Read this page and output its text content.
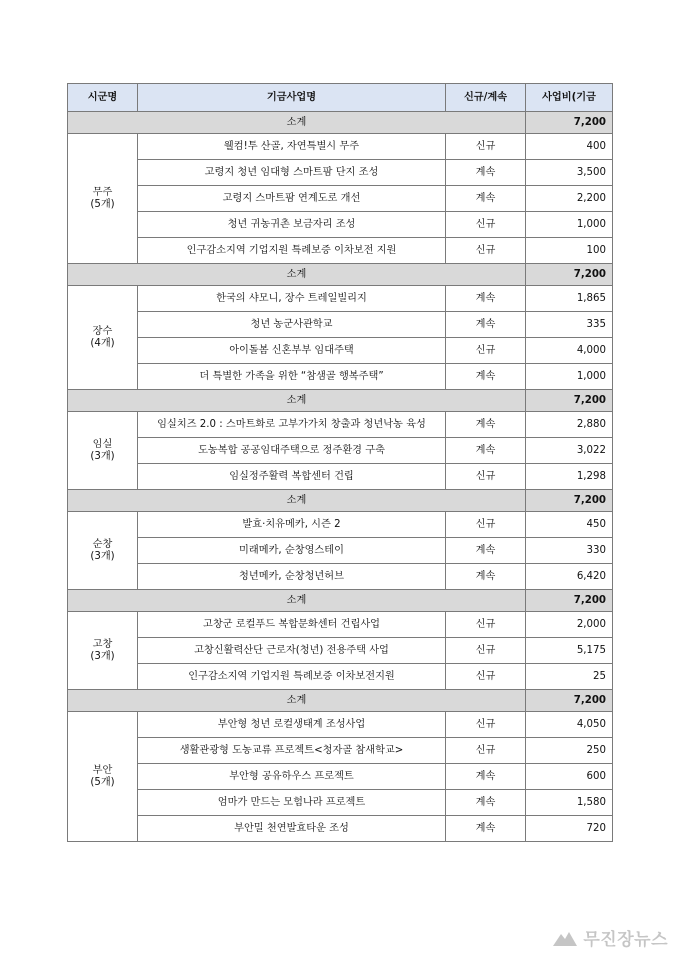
시군명	기금사업명	신규/계속	사업비(기금
소계			7,200

무주
(5개)	웰컴!투 산골, 자연특별시 무주	신규	400
	고령지 청년 임대형 스마트팜 단지 조성	계속	3,500
	고령지 스마트팜 연계도로 개선	계속	2,200
	청년 귀농귀촌 보금자리 조성	신규	1,000
	인구감소지역 기업지원 특례보증 이차보전 지원	신규	100
소계			7,200

장수
(4개)	한국의 샤모니, 장수 트레일빌리지	계속	1,865
	청년 농군사관학교	계속	335
	아이돌봄 신혼부부 임대주택	신규	4,000
	더 특별한 가족을 위한 “참샘골 행복주택”	계속	1,000
소계			7,200

임실
(3개)	임실치즈 2.0 : 스마트화로 고부가가치 창출과 청년낙농 육성	계속	2,880
	도농복합 공공임대주택으로 정주환경 구축	계속	3,022
	임실정주활력 복합센터 건립	신규	1,298
소계			7,200

순창
(3개)	발효·치유메카, 시즌 2	신규	450
	미래메카, 순창영스테이	계속	330
	청년메카, 순창청년허브	계속	6,420
소계			7,200

고창
(3개)	고창군 로컬푸드 복합문화센터 건립사업	신규	2,000
	고창신활력산단 근로자(청년) 전용주택 사업	신규	5,175
	인구감소지역 기업지원 특례보증 이차보전지원	신규	25
소계			7,200

부안
(5개)	부안형 청년 로컬생태계 조성사업	신규	4,050
	생활관광형 도농교류 프로젝트<청자골 참새학교>	신규	250
	부안형 공유하우스 프로젝트	계속	600
	엄마가 만드는 모험나라 프로젝트	계속	1,580
	부안밀 천연발효타운 조성	계속	720
무진장뉴스
